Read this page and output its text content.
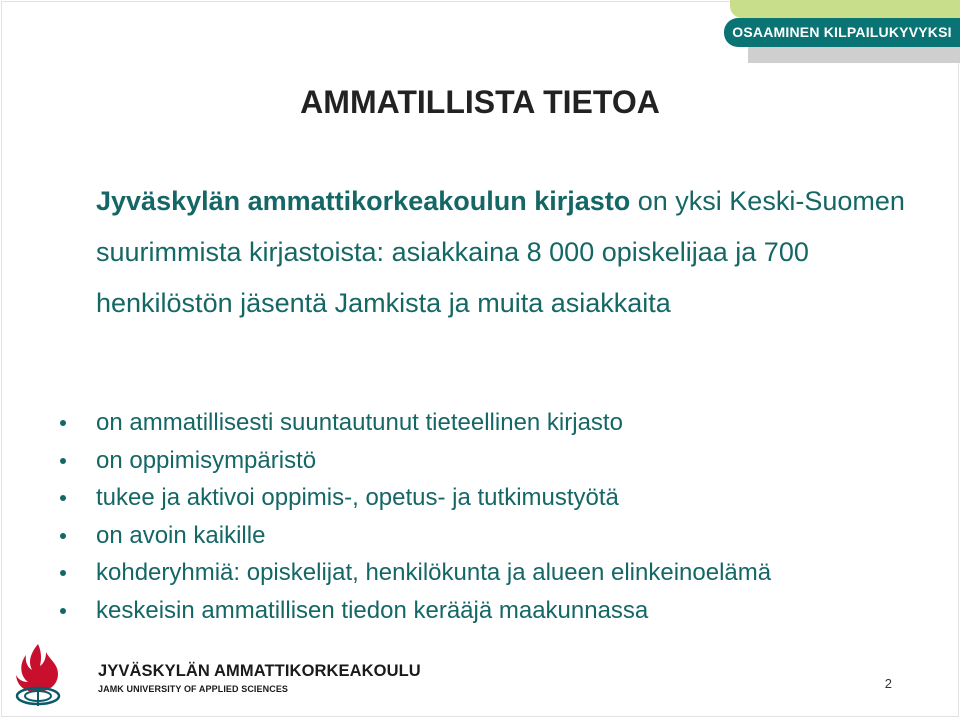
OSAAMINEN KILPAILUKYVYKSI
AMMATILLISTA TIETOA
Jyväskylän ammattikorkeakoulun kirjasto on yksi Keski-Suomen suurimmista kirjastoista: asiakkaina 8 000 opiskelijaa ja 700 henkilöstön jäsentä Jamkista ja muita asiakkaita
on ammatillisesti suuntautunut tieteellinen kirjasto
on oppimisympäristö
tukee ja aktivoi oppimis-, opetus- ja tutkimustyötä
on avoin kaikille
kohderyhmiä: opiskelijat, henkilökunta ja alueen elinkeinoelämä
keskeisin ammatillisen tiedon kerääjä maakunnassa
JYVÄSKYLÄN AMMATTIKORKEAKOULU
JAMK UNIVERSITY OF APPLIED SCIENCES	2
